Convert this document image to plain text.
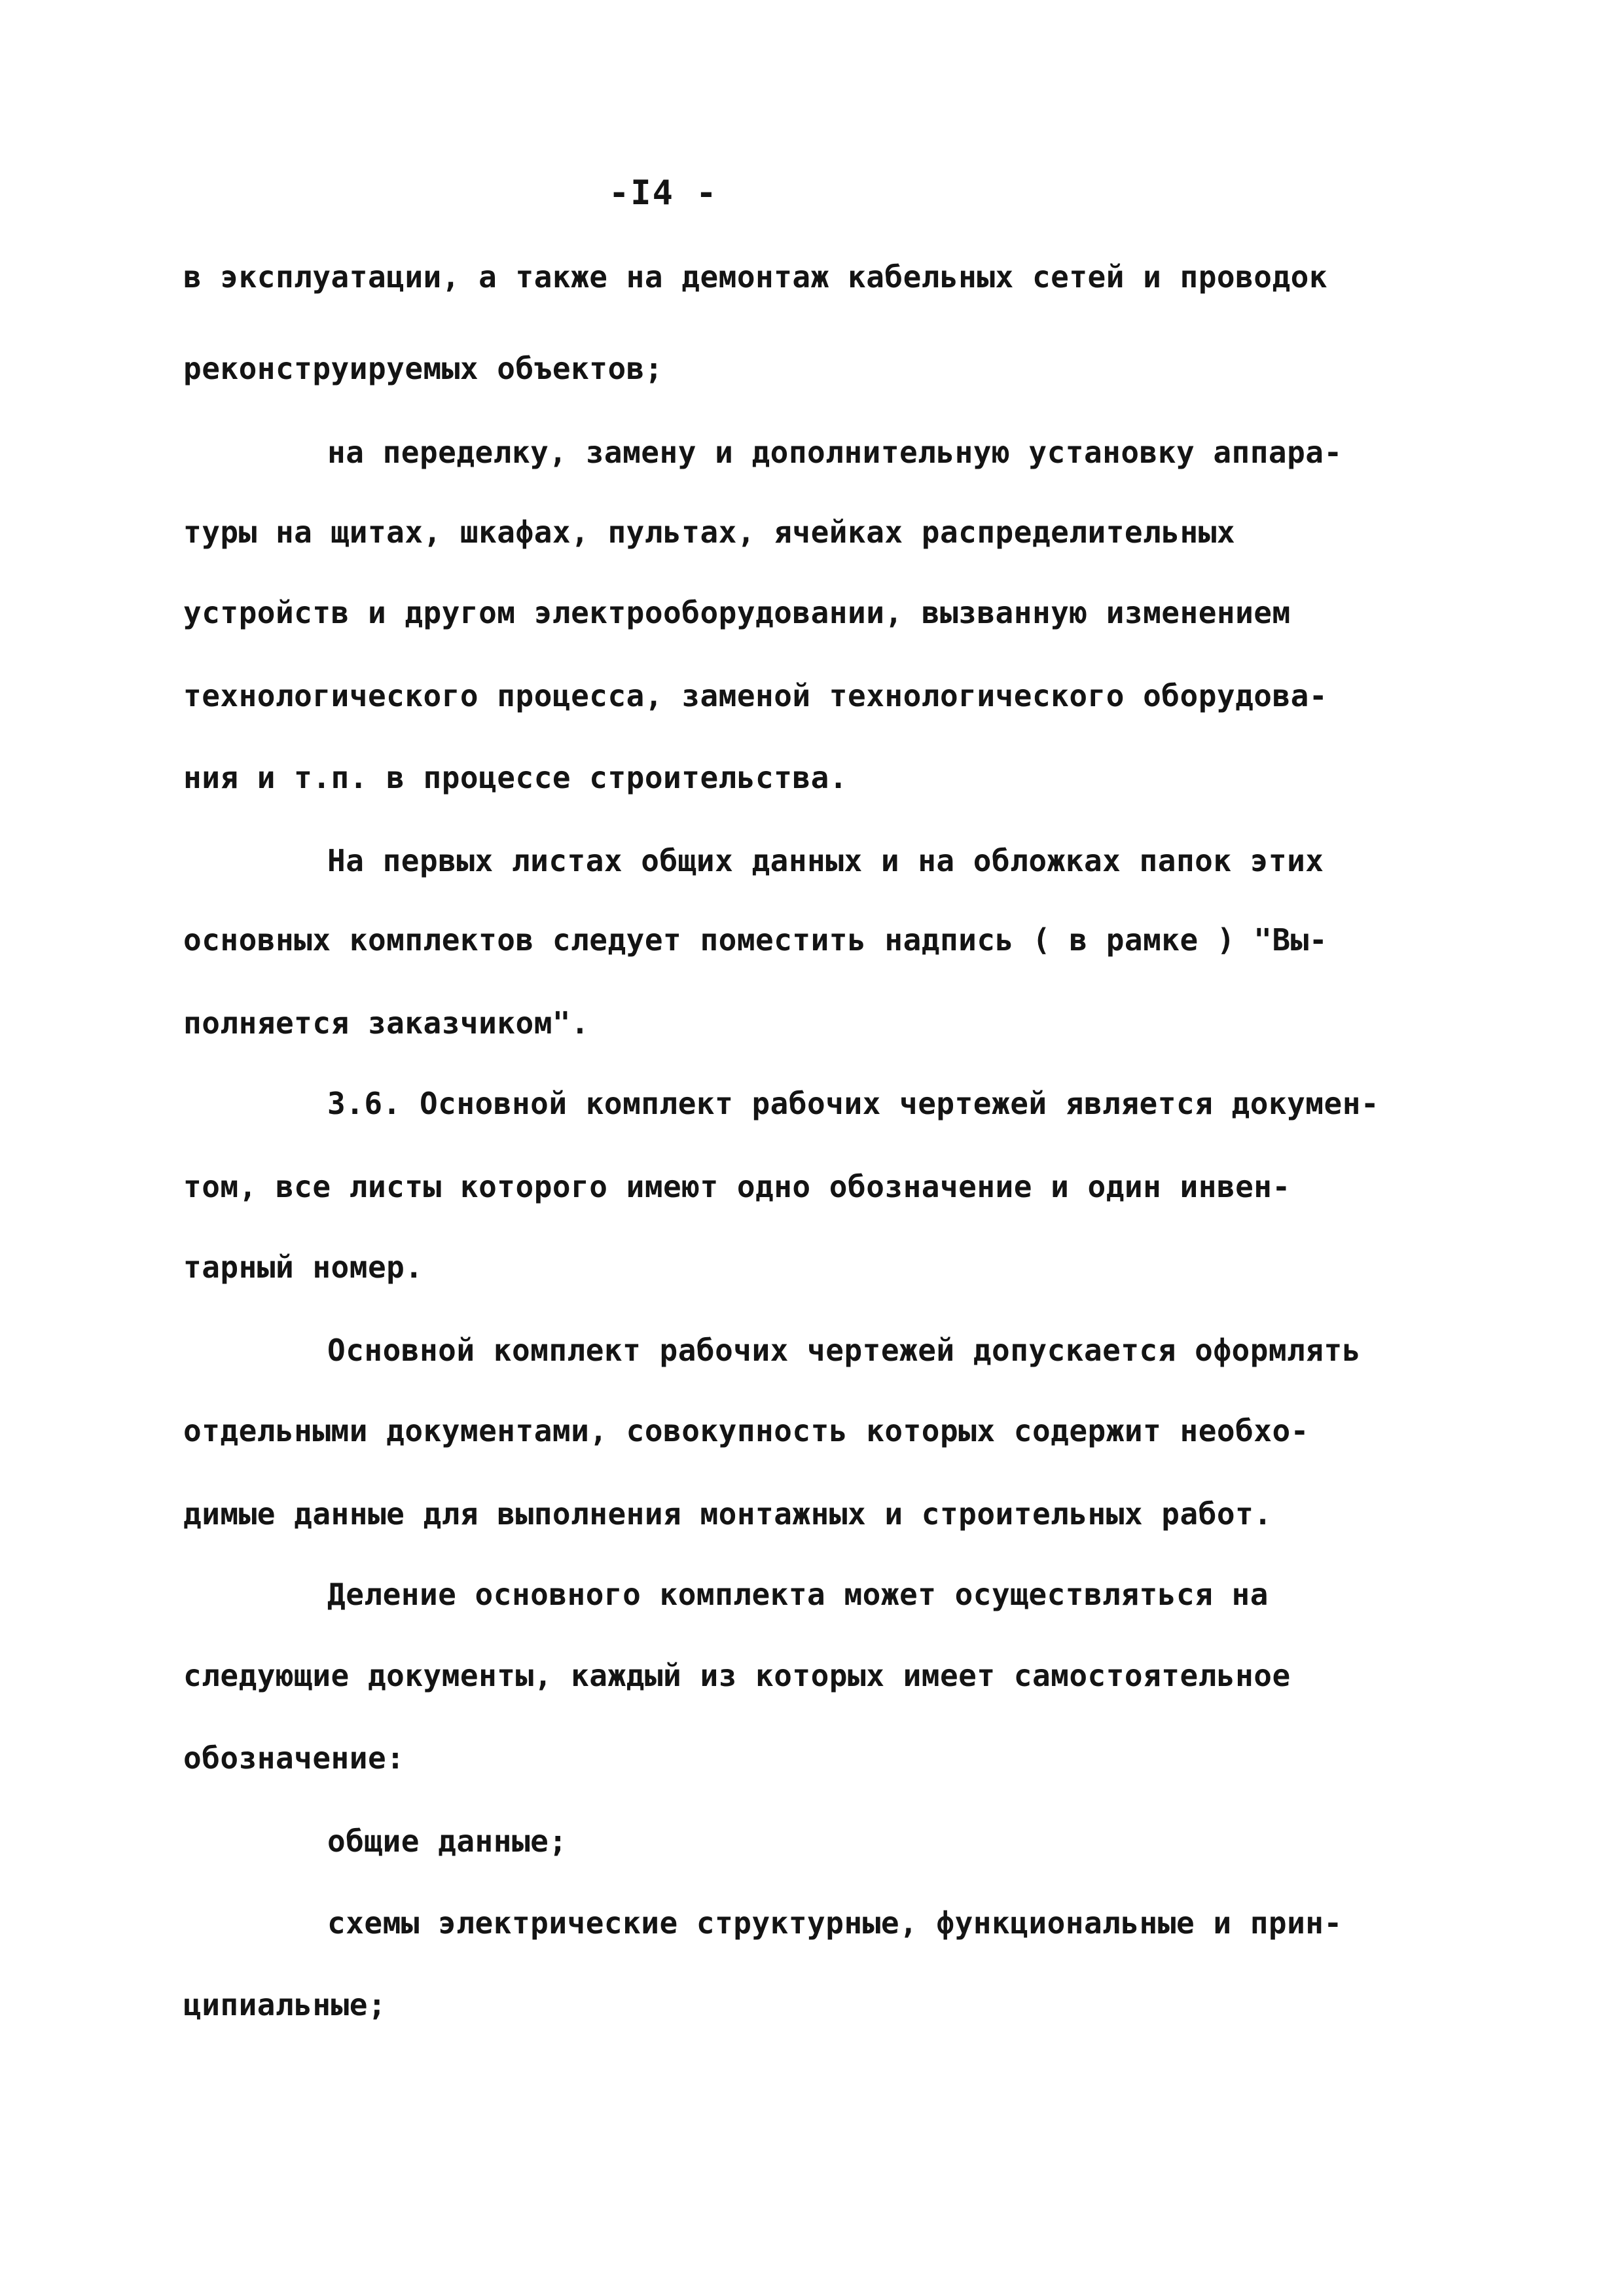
-I4 -
в эксплуатации, а также на демонтаж кабельных сетей и проводок
реконструируемых объектов;
на переделку, замену и дополнительную установку аппара-
туры на щитах, шкафах, пультах, ячейках распределительных
устройств и другом электрооборудовании, вызванную изменением
технологического процесса, заменой технологического оборудова-
ния и т.п. в процессе строительства.
На первых листах общих данных и на обложках папок этих
основных комплектов следует поместить надпись ( в рамке ) "Вы-
полняется заказчиком".
3.6. Основной комплект рабочих чертежей является докумен-
том, все листы которого имеют одно обозначение и один инвен-
тарный номер.
Основной комплект рабочих чертежей допускается оформлять
отдельными документами, совокупность которых содержит необхо-
димые данные для выполнения монтажных и строительных работ.
Деление основного комплекта может осуществляться на
следующие документы, каждый из которых имеет самостоятельное
обозначение:
общие данные;
схемы электрические структурные, функциональные и прин-
ципиальные;
